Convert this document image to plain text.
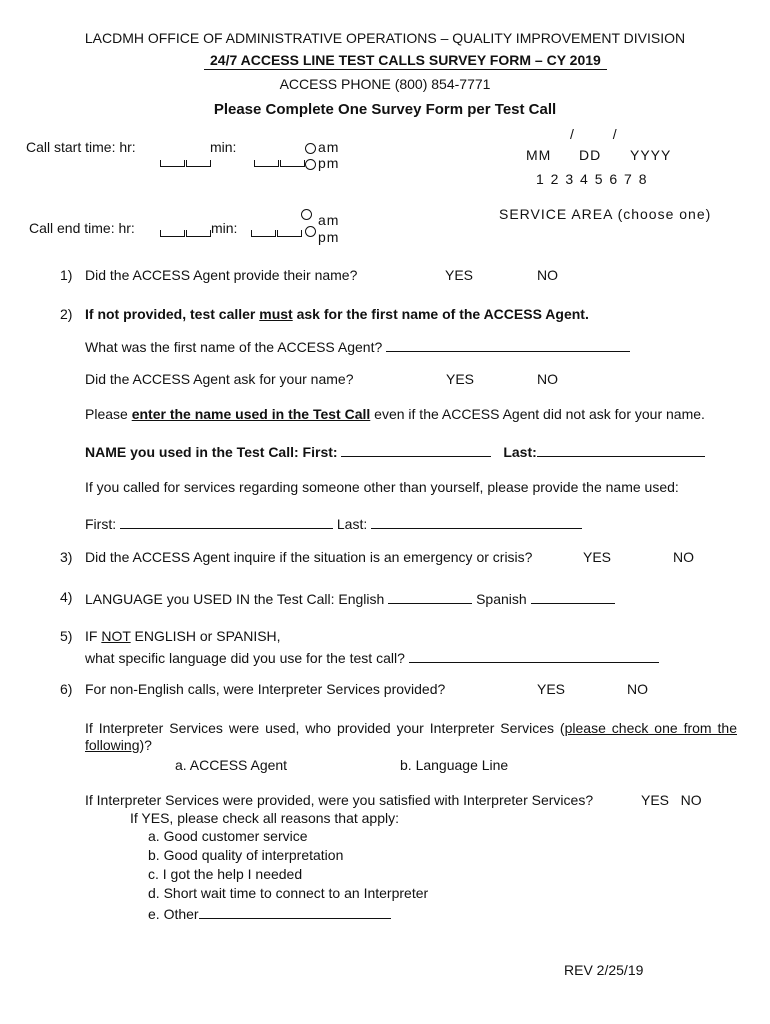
LACDMH OFFICE OF ADMINISTRATIVE OPERATIONS – QUALITY IMPROVEMENT DIVISION
24/7 ACCESS LINE TEST CALLS SURVEY FORM – CY 2019
ACCESS PHONE (800) 854-7771
Please Complete One Survey Form per Test Call
Call start time: hr:	min:	am
pm
/          /
MM DD YYYY
1 2 3 4 5 6 7 8
SERVICE AREA (choose one)
Call end time: hr:	min:	am
pm
1) Did the ACCESS Agent provide their name?	YES	NO
2) If not provided, test caller must ask for the first name of the ACCESS Agent.
What was the first name of the ACCESS Agent?
Did the ACCESS Agent ask for your name?	YES	NO
Please enter the name used in the Test Call even if the ACCESS Agent did not ask for your name.
NAME you used in the Test Call: First:	Last:
If you called for services regarding someone other than yourself, please provide the name used:
First:	Last:
3) Did the ACCESS Agent inquire if the situation is an emergency or crisis?	YES	NO
4) LANGUAGE you USED IN the Test Call: English	Spanish
5) IF NOT ENGLISH or SPANISH,
what specific language did you use for the test call?
6) For non-English calls, were Interpreter Services provided?	YES	NO
If Interpreter Services were used, who provided your Interpreter Services (please check one from the following)?
a. ACCESS Agent	b. Language Line
If Interpreter Services were provided, were you satisfied with Interpreter Services?	YES   NO
If YES, please check all reasons that apply:
a. Good customer service
b. Good quality of interpretation
c. I got the help I needed
d. Short wait time to connect to an Interpreter
e. Other
REV 2/25/19
